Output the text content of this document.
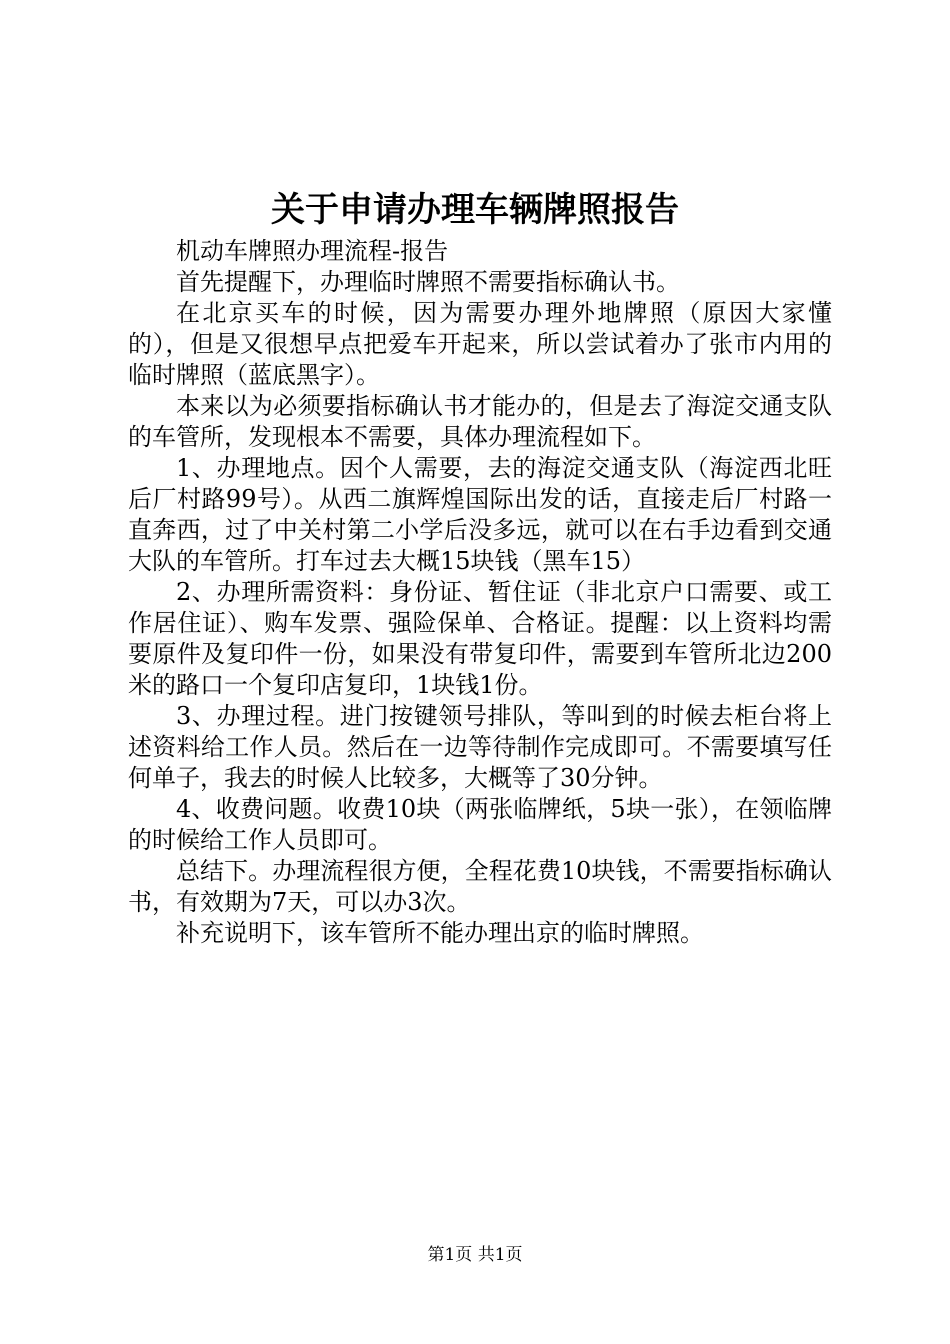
关于申请办理车辆牌照报告

机动车牌照办理流程-报告

首先提醒下，办理临时牌照不需要指标确认书。

在北京买车的时候，因为需要办理外地牌照（原因大家懂的），但是又很想早点把爱车开起来，所以尝试着办了张市内用的临时牌照（蓝底黑字）。

本来以为必须要指标确认书才能办的，但是去了海淀交通支队的车管所，发现根本不需要，具体办理流程如下。

1、办理地点。因个人需要，去的海淀交通支队（海淀西北旺后厂村路99号）。从西二旗辉煌国际出发的话，直接走后厂村路一直奔西，过了中关村第二小学后没多远，就可以在右手边看到交通大队的车管所。打车过去大概15块钱（黑车15）

2、办理所需资料：身份证、暂住证（非北京户口需要、或工作居住证）、购车发票、强险保单、合格证。提醒：以上资料均需要原件及复印件一份，如果没有带复印件，需要到车管所北边200米的路口一个复印店复印，1块钱1份。

3、办理过程。进门按键领号排队，等叫到的时候去柜台将上述资料给工作人员。然后在一边等待制作完成即可。不需要填写任何单子，我去的时候人比较多，大概等了30分钟。

4、收费问题。收费10块（两张临牌纸，5块一张），在领临牌的时候给工作人员即可。

总结下。办理流程很方便，全程花费10块钱，不需要指标确认书，有效期为7天，可以办3次。

补充说明下，该车管所不能办理出京的临时牌照。

第1页 共1页
